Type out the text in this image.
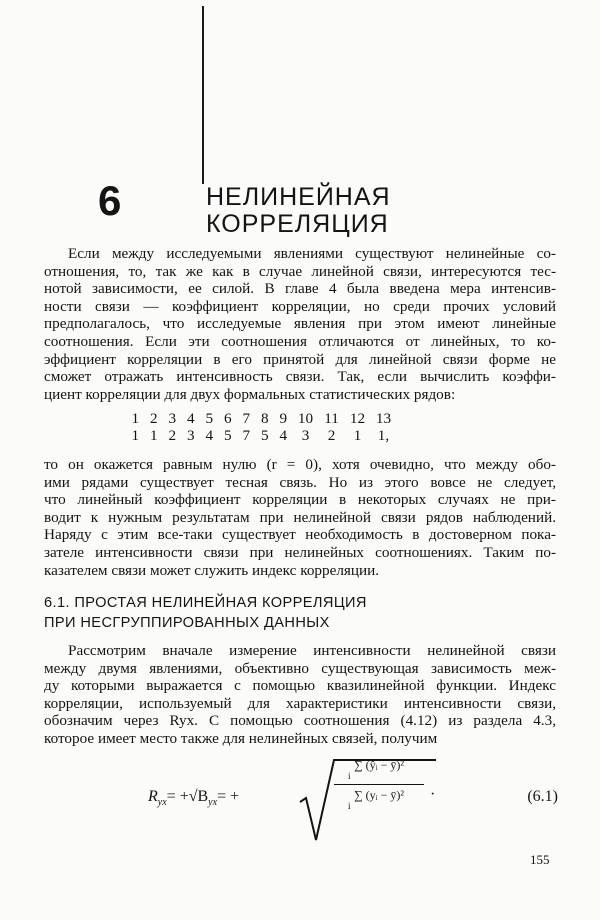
6	НЕЛИНЕЙНАЯ
КОРРЕЛЯЦИЯ
Если между исследуемыми явлениями существуют нелинейные со-
отношения, то, так же как в случае линейной связи, интересуются тес-
нотой зависимости, ее силой. В главе 4 была введена мера интенсив-
ности связи — коэффициент корреляции, но среди прочих условий
предполагалось, что исследуемые явления при этом имеют линейные
соотношения. Если эти соотношения отличаются от линейных, то ко-
эффициент корреляции в его принятой для линейной связи форме не
сможет отражать интенсивность связи. Так, если вычислить коэффи-
циент корреляции для двух формальных статистических рядов:
1 2 3 4 5 6 7 8 9 10 11 12 13
1 1 2 3 4 5 7 5 4 3	2	1	1,
то он окажется равным нулю (r = 0), хотя очевидно, что между обо-
ими рядами существует тесная связь. Но из этого вовсе не следует,
что линейный коэффициент корреляции в некоторых случаях не при-
водит к нужным результатам при нелинейной связи рядов наблюдений.
Наряду с этим все-таки существует необходимость в достоверном пока-
зателе интенсивности связи при нелинейных соотношениях. Таким по-
казателем связи может служить индекс корреляции.
6.1. ПРОСТАЯ НЕЛИНЕЙНАЯ КОРРЕЛЯЦИЯ
ПРИ НЕСГРУППИРОВАННЫХ ДАННЫХ
Рассмотрим вначале измерение интенсивности нелинейной связи
между двумя явлениями, объективно существующая зависимость меж-
ду которыми выражается с помощью квазилинейной функции. Индекс
корреляции, используемый для характеристики интенсивности связи,
обозначим через Ryx. С помощью соотношения (4.12) из раздела 4.3,
которое имеет место также для нелинейных связей, получим
$R_{yx}= +√B_{yx}=$ +	∑ (ŷᵢ − ȳ)²
i
∑ (yᵢ − ȳ)²
i ·	(6.1)
155
